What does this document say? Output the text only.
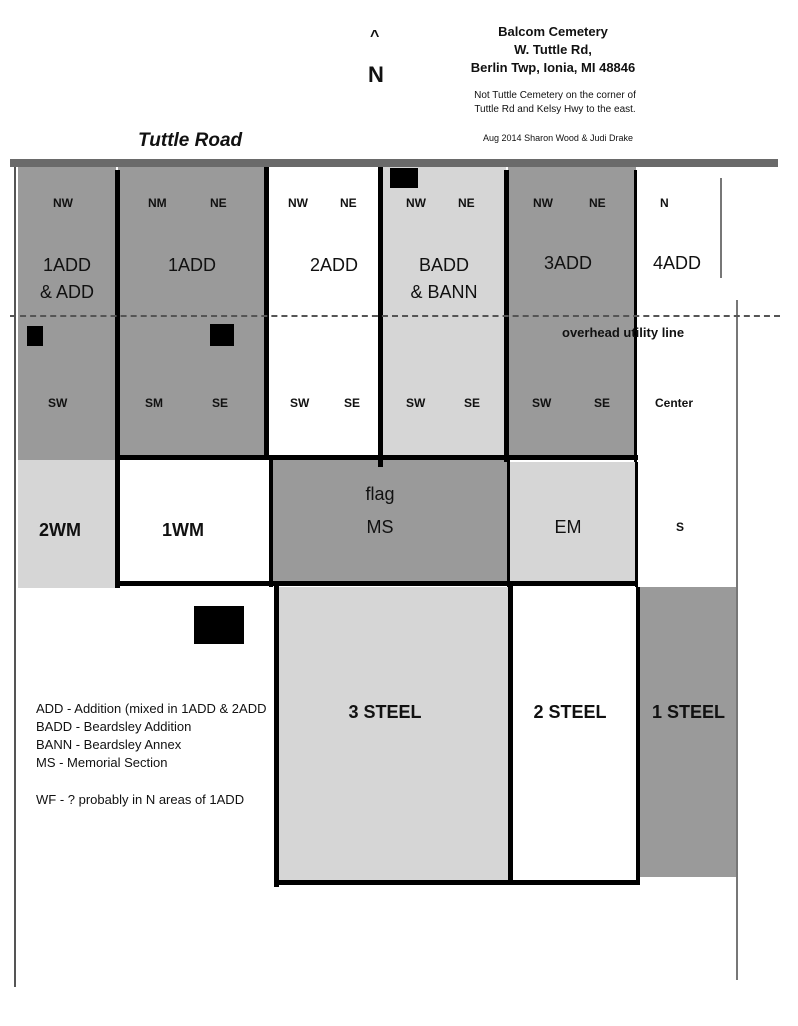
^
N
Balcom Cemetery
W. Tuttle Rd,
Berlin Twp, Ionia, MI 48846
Not Tuttle Cemetery on the corner of
Tuttle Rd and Kelsy Hwy to the east.
Aug 2014 Sharon Wood & Judi Drake
Tuttle Road
NW
1ADD
& ADD
SW
NM	NE
1ADD
SM	SE
NW	NE
2ADD
SW	SE
NW	NE
BADD
& BANN
SW	SE
NW	NE
3ADD
SW	SE
N
4ADD
Center
S
overhead utility line
2WM	1WM
flag
MS	EM
3 STEEL	2 STEEL	1 STEEL
ADD - Addition (mixed in 1ADD & 2ADD
BADD - Beardsley Addition
BANN - Beardsley Annex
MS - Memorial Section
WF - ? probably in N areas of 1ADD
